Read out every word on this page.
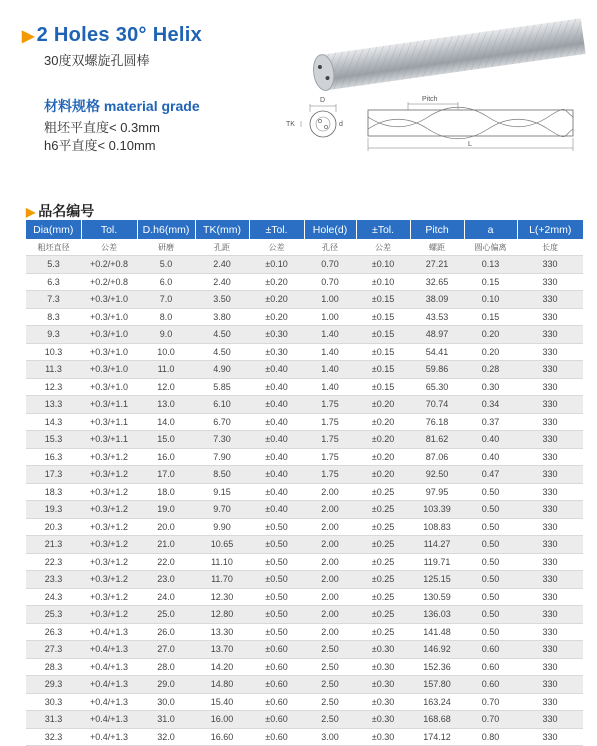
▶ 2 Holes 30° Helix
30度双螺旋孔圆棒
材料规格 material grade
粗坯平直度< 0.3mm
h6平直度< 0.10mm
D
TK	d
Pitch
L
▶ 品名编号
Dia(mm)	Tol.	D.h6(mm)	TK(mm)	±Tol.	Hole(d)	±Tol.	Pitch	a	L(+2mm)
粗坯直径	公差	研磨	孔距	公差	孔径	公差	螺距	圆心偏离	长度
5.3	+0.2/+0.8	5.0	2.40	±0.10	0.70	±0.10	27.21	0.13	330
6.3	+0.2/+0.8	6.0	2.40	±0.20	0.70	±0.10	32.65	0.15	330
7.3	+0.3/+1.0	7.0	3.50	±0.20	1.00	±0.15	38.09	0.10	330
8.3	+0.3/+1.0	8.0	3.80	±0.20	1.00	±0.15	43.53	0.15	330
9.3	+0.3/+1.0	9.0	4.50	±0.30	1.40	±0.15	48.97	0.20	330
10.3	+0.3/+1.0	10.0	4.50	±0.30	1.40	±0.15	54.41	0.20	330
11.3	+0.3/+1.0	11.0	4.90	±0.40	1.40	±0.15	59.86	0.28	330
12.3	+0.3/+1.0	12.0	5.85	±0.40	1.40	±0.15	65.30	0.30	330
13.3	+0.3/+1.1	13.0	6.10	±0.40	1.75	±0.20	70.74	0.34	330
14.3	+0.3/+1.1	14.0	6.70	±0.40	1.75	±0.20	76.18	0.37	330
15.3	+0.3/+1.1	15.0	7.30	±0.40	1.75	±0.20	81.62	0.40	330
16.3	+0.3/+1.2	16.0	7.90	±0.40	1.75	±0.20	87.06	0.40	330
17.3	+0.3/+1.2	17.0	8.50	±0.40	1.75	±0.20	92.50	0.47	330
18.3	+0.3/+1.2	18.0	9.15	±0.40	2.00	±0.25	97.95	0.50	330
19.3	+0.3/+1.2	19.0	9.70	±0.40	2.00	±0.25	103.39	0.50	330
20.3	+0.3/+1.2	20.0	9.90	±0.50	2.00	±0.25	108.83	0.50	330
21.3	+0.3/+1.2	21.0	10.65	±0.50	2.00	±0.25	114.27	0.50	330
22.3	+0.3/+1.2	22.0	11.10	±0.50	2.00	±0.25	119.71	0.50	330
23.3	+0.3/+1.2	23.0	11.70	±0.50	2.00	±0.25	125.15	0.50	330
24.3	+0.3/+1.2	24.0	12.30	±0.50	2.00	±0.25	130.59	0.50	330
25.3	+0.3/+1.2	25.0	12.80	±0.50	2.00	±0.25	136.03	0.50	330
26.3	+0.4/+1.3	26.0	13.30	±0.50	2.00	±0.25	141.48	0.50	330
27.3	+0.4/+1.3	27.0	13.70	±0.60	2.50	±0.30	146.92	0.60	330
28.3	+0.4/+1.3	28.0	14.20	±0.60	2.50	±0.30	152.36	0.60	330
29.3	+0.4/+1.3	29.0	14.80	±0.60	2.50	±0.30	157.80	0.60	330
30.3	+0.4/+1.3	30.0	15.40	±0.60	2.50	±0.30	163.24	0.70	330
31.3	+0.4/+1.3	31.0	16.00	±0.60	2.50	±0.30	168.68	0.70	330
32.3	+0.4/+1.3	32.0	16.60	±0.60	3.00	±0.30	174.12	0.80	330
